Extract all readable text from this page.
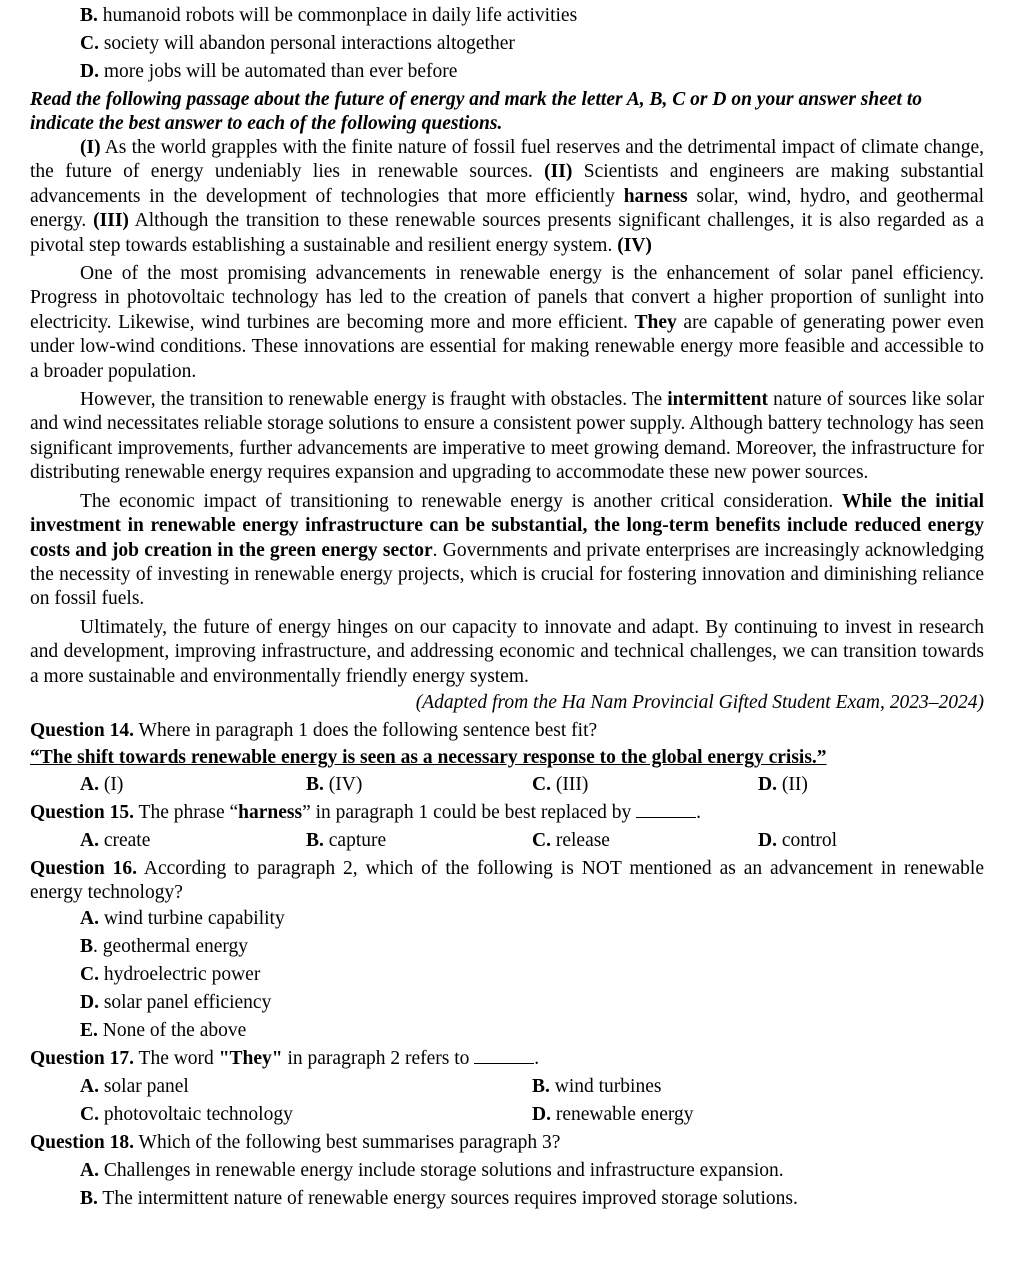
B. humanoid robots will be commonplace in daily life activities
C. society will abandon personal interactions altogether
D. more jobs will be automated than ever before
Read the following passage about the future of energy and mark the letter A, B, C or D on your answer sheet to indicate the best answer to each of the following questions.

(I) As the world grapples with the finite nature of fossil fuel reserves and the detrimental impact of climate change, the future of energy undeniably lies in renewable sources. (II) Scientists and engineers are making substantial advancements in the development of technologies that more efficiently harness solar, wind, hydro, and geothermal energy. (III) Although the transition to these renewable sources presents significant challenges, it is also regarded as a pivotal step towards establishing a sustainable and resilient energy system. (IV)

One of the most promising advancements in renewable energy is the enhancement of solar panel efficiency. Progress in photovoltaic technology has led to the creation of panels that convert a higher proportion of sunlight into electricity. Likewise, wind turbines are becoming more and more efficient. They are capable of generating power even under low-wind conditions. These innovations are essential for making renewable energy more feasible and accessible to a broader population.

However, the transition to renewable energy is fraught with obstacles. The intermittent nature of sources like solar and wind necessitates reliable storage solutions to ensure a consistent power supply. Although battery technology has seen significant improvements, further advancements are imperative to meet growing demand. Moreover, the infrastructure for distributing renewable energy requires expansion and upgrading to accommodate these new power sources.

The economic impact of transitioning to renewable energy is another critical consideration. While the initial investment in renewable energy infrastructure can be substantial, the long-term benefits include reduced energy costs and job creation in the green energy sector. Governments and private enterprises are increasingly acknowledging the necessity of investing in renewable energy projects, which is crucial for fostering innovation and diminishing reliance on fossil fuels.

Ultimately, the future of energy hinges on our capacity to innovate and adapt. By continuing to invest in research and development, improving infrastructure, and addressing economic and technical challenges, we can transition towards a more sustainable and environmentally friendly energy system.

(Adapted from the Ha Nam Provincial Gifted Student Exam, 2023–2024)
Question 14. Where in paragraph 1 does the following sentence best fit?
“The shift towards renewable energy is seen as a necessary response to the global energy crisis.”
A. (I)	B. (IV)	C. (III)	D. (II)
Question 15. The phrase “harness” in paragraph 1 could be best replaced by	.
A. create	B. capture	C. release	D. control
Question 16. According to paragraph 2, which of the following is NOT mentioned as an advancement in renewable energy technology?
A. wind turbine capability
B. geothermal energy
C. hydroelectric power
D. solar panel efficiency
E. None of the above
Question 17. The word "They" in paragraph 2 refers to	.
A. solar panel	B. wind turbines
C. photovoltaic technology	D. renewable energy
Question 18. Which of the following best summarises paragraph 3?
A. Challenges in renewable energy include storage solutions and infrastructure expansion.
B. The intermittent nature of renewable energy sources requires improved storage solutions.
